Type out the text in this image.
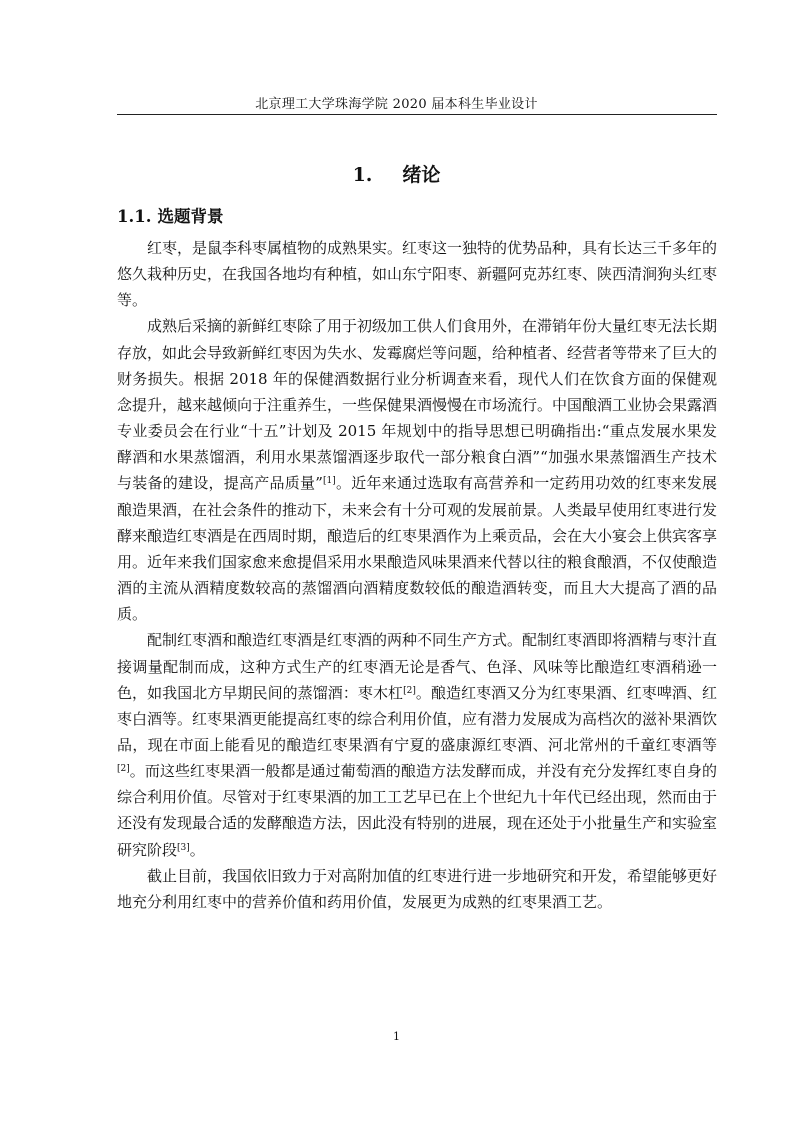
北京理工大学珠海学院 2020 届本科生毕业设计
1. 绪论
1.1. 选题背景

红枣，是鼠李科枣属植物的成熟果实。红枣这一独特的优势品种，具有长达三千多年的悠久栽种历史，在我国各地均有种植，如山东宁阳枣、新疆阿克苏红枣、陕西清涧狗头红枣等。

成熟后采摘的新鲜红枣除了用于初级加工供人们食用外，在滞销年份大量红枣无法长期存放，如此会导致新鲜红枣因为失水、发霉腐烂等问题，给种植者、经营者等带来了巨大的财务损失。根据 2018 年的保健酒数据行业分析调查来看，现代人们在饮食方面的保健观念提升，越来越倾向于注重养生，一些保健果酒慢慢在市场流行。中国酿酒工业协会果露酒专业委员会在行业“十五”计划及 2015 年规划中的指导思想已明确指出:“重点发展水果发酵酒和水果蒸馏酒，利用水果蒸馏酒逐步取代一部分粮食白酒”“加强水果蒸馏酒生产技术与装备的建设，提高产品质量”[1]。近年来通过选取有高营养和一定药用功效的红枣来发展酿造果酒，在社会条件的推动下，未来会有十分可观的发展前景。人类最早使用红枣进行发酵来酿造红枣酒是在西周时期，酿造后的红枣果酒作为上乘贡品，会在大小宴会上供宾客享用。近年来我们国家愈来愈提倡采用水果酿造风味果酒来代替以往的粮食酿酒，不仅使酿造酒的主流从酒精度数较高的蒸馏酒向酒精度数较低的酿造酒转变，而且大大提高了酒的品质。

配制红枣酒和酿造红枣酒是红枣酒的两种不同生产方式。配制红枣酒即将酒精与枣汁直接调量配制而成，这种方式生产的红枣酒无论是香气、色泽、风味等比酿造红枣酒稍逊一色，如我国北方早期民间的蒸馏酒：枣木杠[2]。酿造红枣酒又分为红枣果酒、红枣啤酒、红枣白酒等。红枣果酒更能提高红枣的综合利用价值，应有潜力发展成为高档次的滋补果酒饮品，现在市面上能看见的酿造红枣果酒有宁夏的盛康源红枣酒、河北常州的千童红枣酒等[2]。而这些红枣果酒一般都是通过葡萄酒的酿造方法发酵而成，并没有充分发挥红枣自身的综合利用价值。尽管对于红枣果酒的加工工艺早已在上个世纪九十年代已经出现，然而由于还没有发现最合适的发酵酿造方法，因此没有特别的进展，现在还处于小批量生产和实验室研究阶段[3]。

截止目前，我国依旧致力于对高附加值的红枣进行进一步地研究和开发，希望能够更好地充分利用红枣中的营养价值和药用价值，发展更为成熟的红枣果酒工艺。

1
